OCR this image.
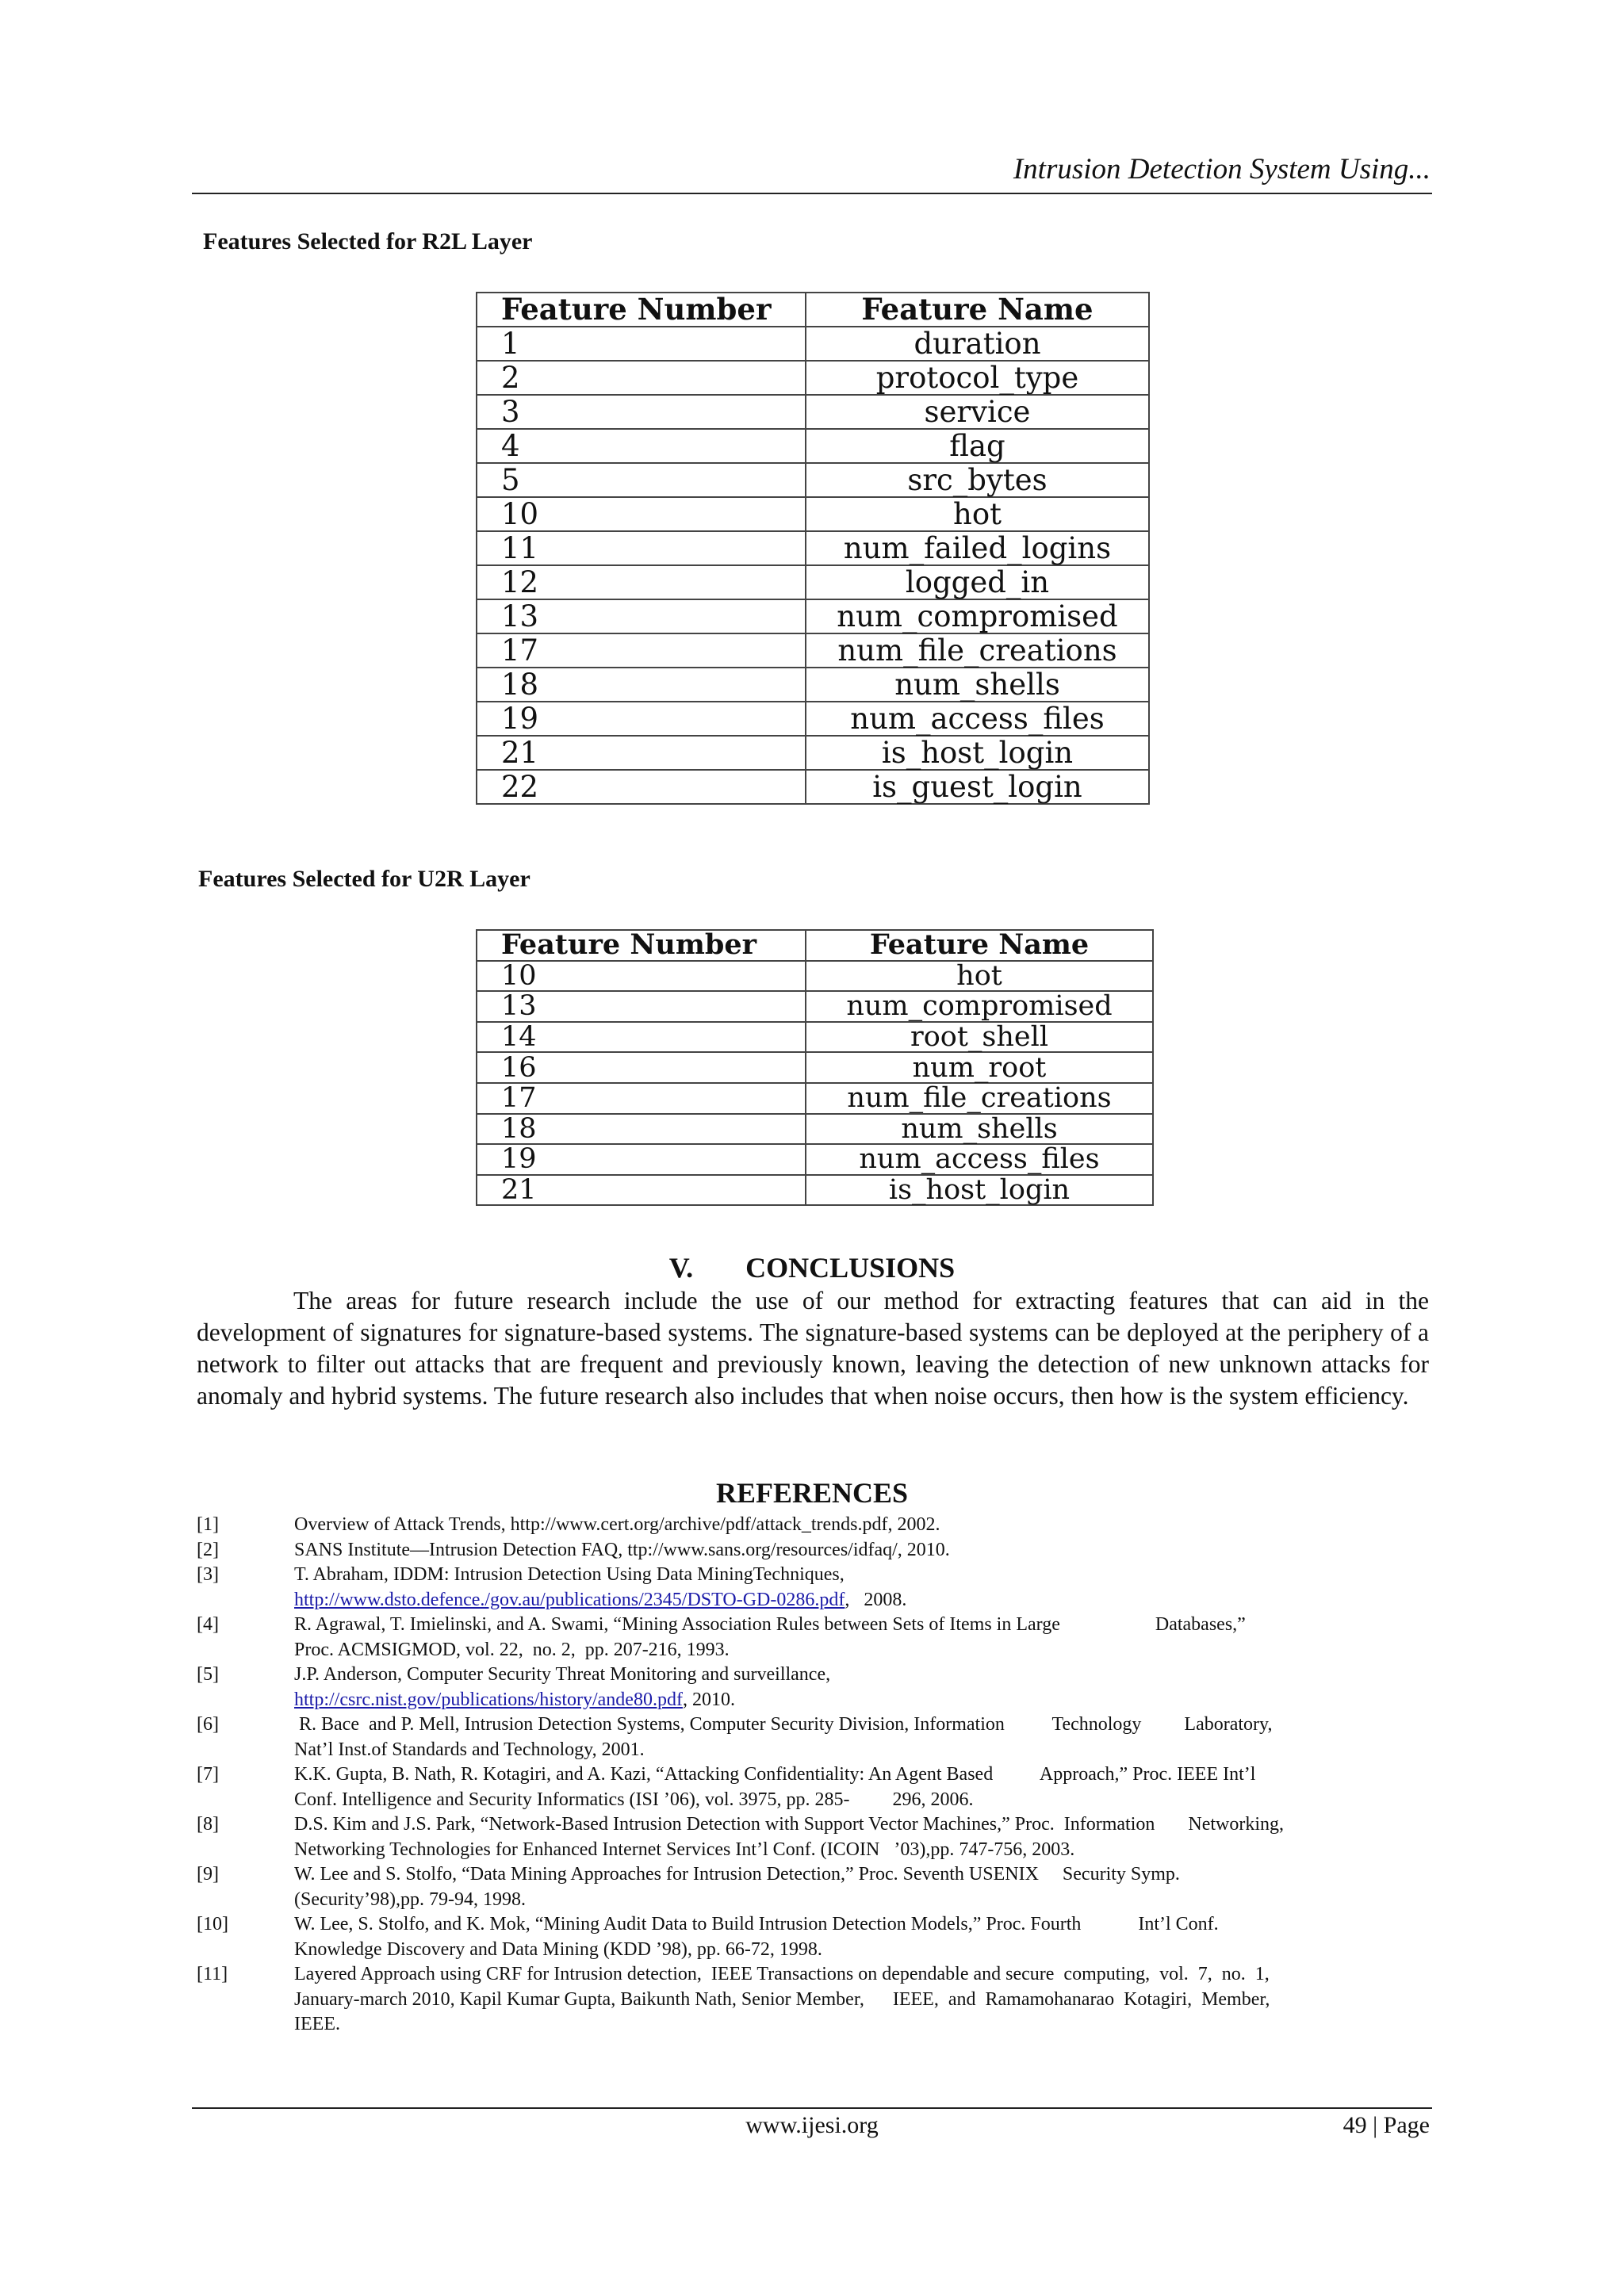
Intrusion Detection System Using...
Features Selected for R2L Layer
Feature Number	Feature Name
1	duration
2	protocol_type
3	service
4	flag
5	src_bytes
10	hot
11	num_failed_logins
12	logged_in
13	num_compromised
17	num_file_creations
18	num_shells
19	num_access_files
21	is_host_login
22	is_guest_login
Features Selected for U2R Layer
Feature Number	Feature Name
10	hot
13	num_compromised
14	root_shell
16	num_root
17	num_file_creations
18	num_shells
19	num_access_files
21	is_host_login
V. CONCLUSIONS
The areas for future research include the use of our method for extracting features that can aid in the development of signatures for signature-based systems. The signature-based systems can be deployed at the periphery of a network to filter out attacks that are frequent and previously known, leaving the detection of new unknown attacks for anomaly and hybrid systems. The future research also includes that when noise occurs, then how is the system efficiency.
REFERENCES
[1]	Overview of Attack Trends, http://www.cert.org/archive/pdf/attack_trends.pdf, 2002.
[2]	SANS Institute—Intrusion Detection FAQ, ttp://www.sans.org/resources/idfaq/, 2010.
[3]	T. Abraham, IDDM: Intrusion Detection Using Data MiningTechniques,
http://www.dsto.defence./gov.au/publications/2345/DSTO-GD-0286.pdf,   2008.
[4]	R. Agrawal, T. Imielinski, and A. Swami, “Mining Association Rules between Sets of Items in Large                    Databases,”
Proc. ACMSIGMOD, vol. 22,  no. 2,  pp. 207-216, 1993.
[5]	J.P. Anderson, Computer Security Threat Monitoring and surveillance,
http://csrc.nist.gov/publications/history/ande80.pdf, 2010.
[6]	R. Bace  and P. Mell, Intrusion Detection Systems, Computer Security Division, Information          Technology         Laboratory,
Nat’l Inst.of Standards and Technology, 2001.
[7]	K.K. Gupta, B. Nath, R. Kotagiri, and A. Kazi, “Attacking Confidentiality: An Agent Based          Approach,” Proc. IEEE Int’l
Conf. Intelligence and Security Informatics (ISI ’06), vol. 3975, pp. 285-         296, 2006.
[8]	D.S. Kim and J.S. Park, “Network-Based Intrusion Detection with Support Vector Machines,” Proc.  Information       Networking,
Networking Technologies for Enhanced Internet Services Int’l Conf. (ICOIN   ’03),pp. 747-756, 2003.
[9]	W. Lee and S. Stolfo, “Data Mining Approaches for Intrusion Detection,” Proc. Seventh USENIX     Security Symp.
(Security’98),pp. 79-94, 1998.
[10]	W. Lee, S. Stolfo, and K. Mok, “Mining Audit Data to Build Intrusion Detection Models,” Proc. Fourth            Int’l Conf.
Knowledge Discovery and Data Mining (KDD ’98), pp. 66-72, 1998.
[11]	Layered Approach using CRF for Intrusion detection,  IEEE Transactions on dependable and secure  computing,  vol.  7,  no.  1,
January-march 2010, Kapil Kumar Gupta, Baikunth Nath, Senior Member,      IEEE,  and  Ramamohanarao  Kotagiri,  Member,
IEEE.
www.ijesi.org	49 | Page
